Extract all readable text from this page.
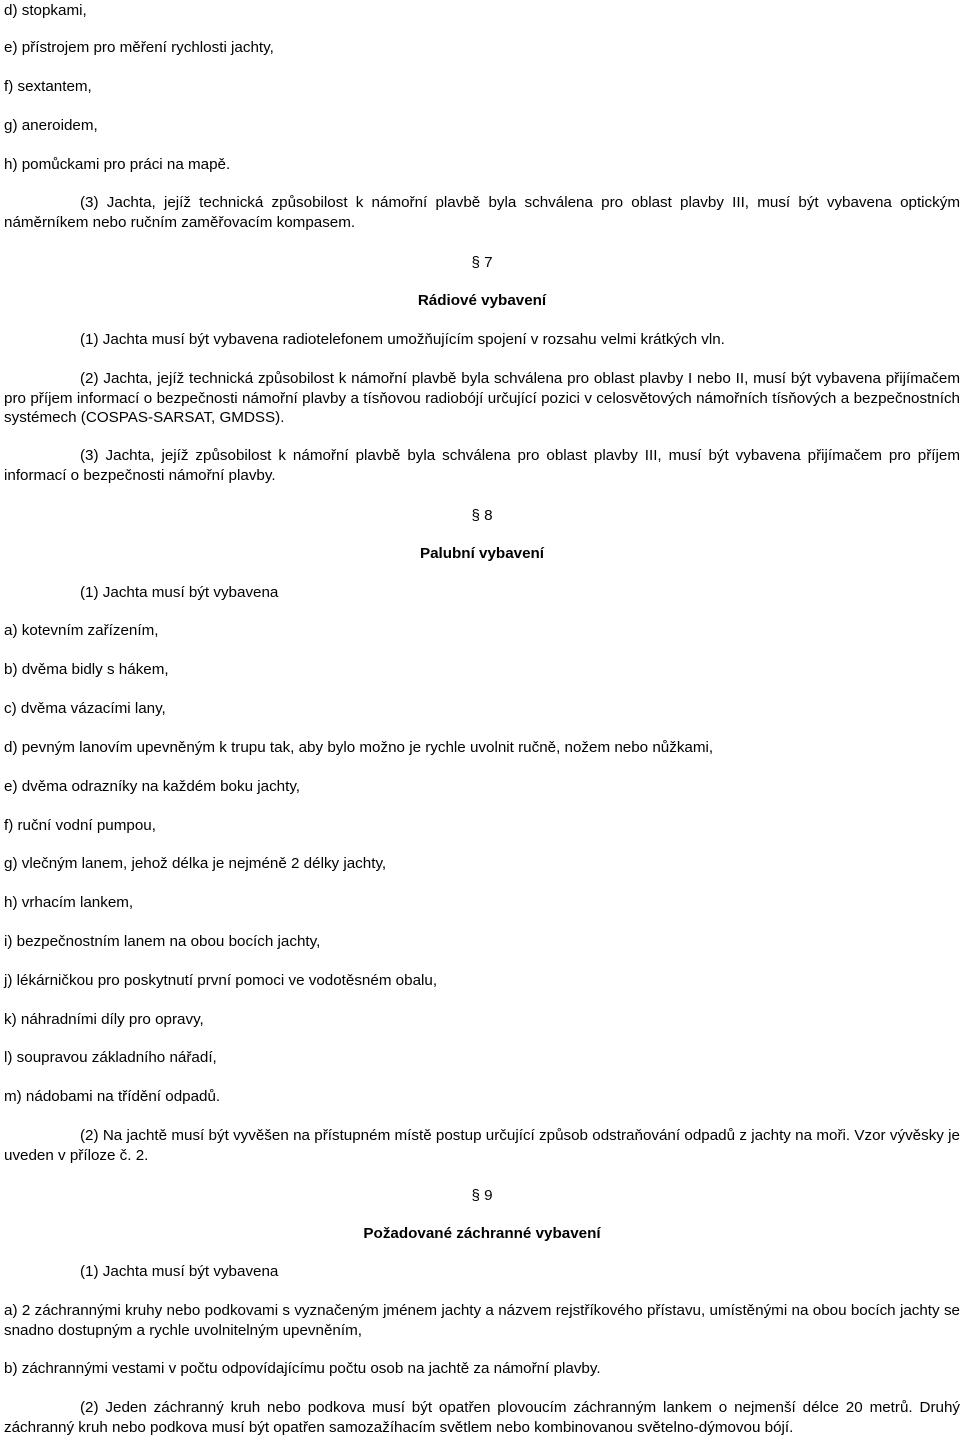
d) stopkami,
e) přístrojem pro měření rychlosti jachty,
f) sextantem,
g) aneroidem,
h) pomůckami pro práci na mapě.
(3) Jachta, jejíž technická způsobilost k námořní plavbě byla schválena pro oblast plavby III, musí být vybavena optickým náměrníkem nebo ručním zaměřovacím kompasem.
§ 7
Rádiové vybavení
(1) Jachta musí být vybavena radiotelefonem umožňujícím spojení v rozsahu velmi krátkých vln.
(2) Jachta, jejíž technická způsobilost k námořní plavbě byla schválena pro oblast plavby I nebo II, musí být vybavena přijímačem pro příjem informací o bezpečnosti námořní plavby a tísňovou radiobójí určující pozici v celosvětových námořních tísňových a bezpečnostních systémech (COSPAS-SARSAT, GMDSS).
(3) Jachta, jejíž způsobilost k námořní plavbě byla schválena pro oblast plavby III, musí být vybavena přijímačem pro příjem informací o bezpečnosti námořní plavby.
§ 8
Palubní vybavení
(1) Jachta musí být vybavena
a) kotevním zařízením,
b) dvěma bidly s hákem,
c) dvěma vázacími lany,
d) pevným lanovím upevněným k trupu tak, aby bylo možno je rychle uvolnit ručně, nožem nebo nůžkami,
e) dvěma odrazníky na každém boku jachty,
f) ruční vodní pumpou,
g) vlečným lanem, jehož délka je nejméně 2 délky jachty,
h) vrhacím lankem,
i) bezpečnostním lanem na obou bocích jachty,
j) lékárničkou pro poskytnutí první pomoci ve vodotěsném obalu,
k) náhradními díly pro opravy,
l) soupravou základního nářadí,
m) nádobami na třídění odpadů.
(2) Na jachtě musí být vyvěšen na přístupném místě postup určující způsob odstraňování odpadů z jachty na moři. Vzor vývěsky je uveden v příloze č. 2.
§ 9
Požadované záchranné vybavení
(1) Jachta musí být vybavena
a) 2 záchrannými kruhy nebo podkovami s vyznačeným jménem jachty a názvem rejstříkového přístavu, umístěnými na obou bocích jachty se snadno dostupným a rychle uvolnitelným upevněním,
b) záchrannými vestami v počtu odpovídajícímu počtu osob na jachtě za námořní plavby.
(2) Jeden záchranný kruh nebo podkova musí být opatřen plovoucím záchranným lankem o nejmenší délce 20 metrů. Druhý záchranný kruh nebo podkova musí být opatřen samozažíhacím světlem nebo kombinovanou světelno-dýmovou bójí.
